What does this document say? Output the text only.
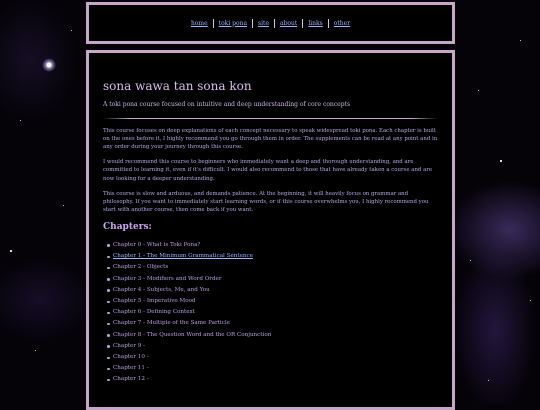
home	toki pona	site	about	links	other
sona wawa tan sona kon

A toki pona course focused on intuitive and deep understanding of core concepts

This course focuses on deep explanations of each concept necessary to speak widespread toki pona. Each chapter is built on the ones before it, I highly recommend you go through them in order. The supplements can be read at any point and in any order during your journey through this course.

I would recommend this course to beginners who immediately want a deep and thorough understanding, and are committed to learning it, even if it's difficult. I would also recommend to those that have already taken a course and are now looking for a deeper understanding.

This course is slow and arduous, and demands patience. At the beginning, it will heavily focus on grammar and philosophy. If you want to immediately start learning words, or if this course overwhelms you, I highly recommend you start with another course, then come back if you want.

Chapters:
Chapter 0 - What is Toki Pona?
Chapter 1 - The Minimum Grammatical Sentence
Chapter 2 - Objects
Chapter 3 - Modifiers and Word Order
Chapter 4 - Subjects, Me, and You
Chapter 5 - Imperative Mood
Chapter 6 - Defining Context
Chapter 7 - Multiple of the Same Particle
Chapter 8 - The Question Word and the OR Conjunction
Chapter 9 -
Chapter 10 -
Chapter 11 -
Chapter 12 -
